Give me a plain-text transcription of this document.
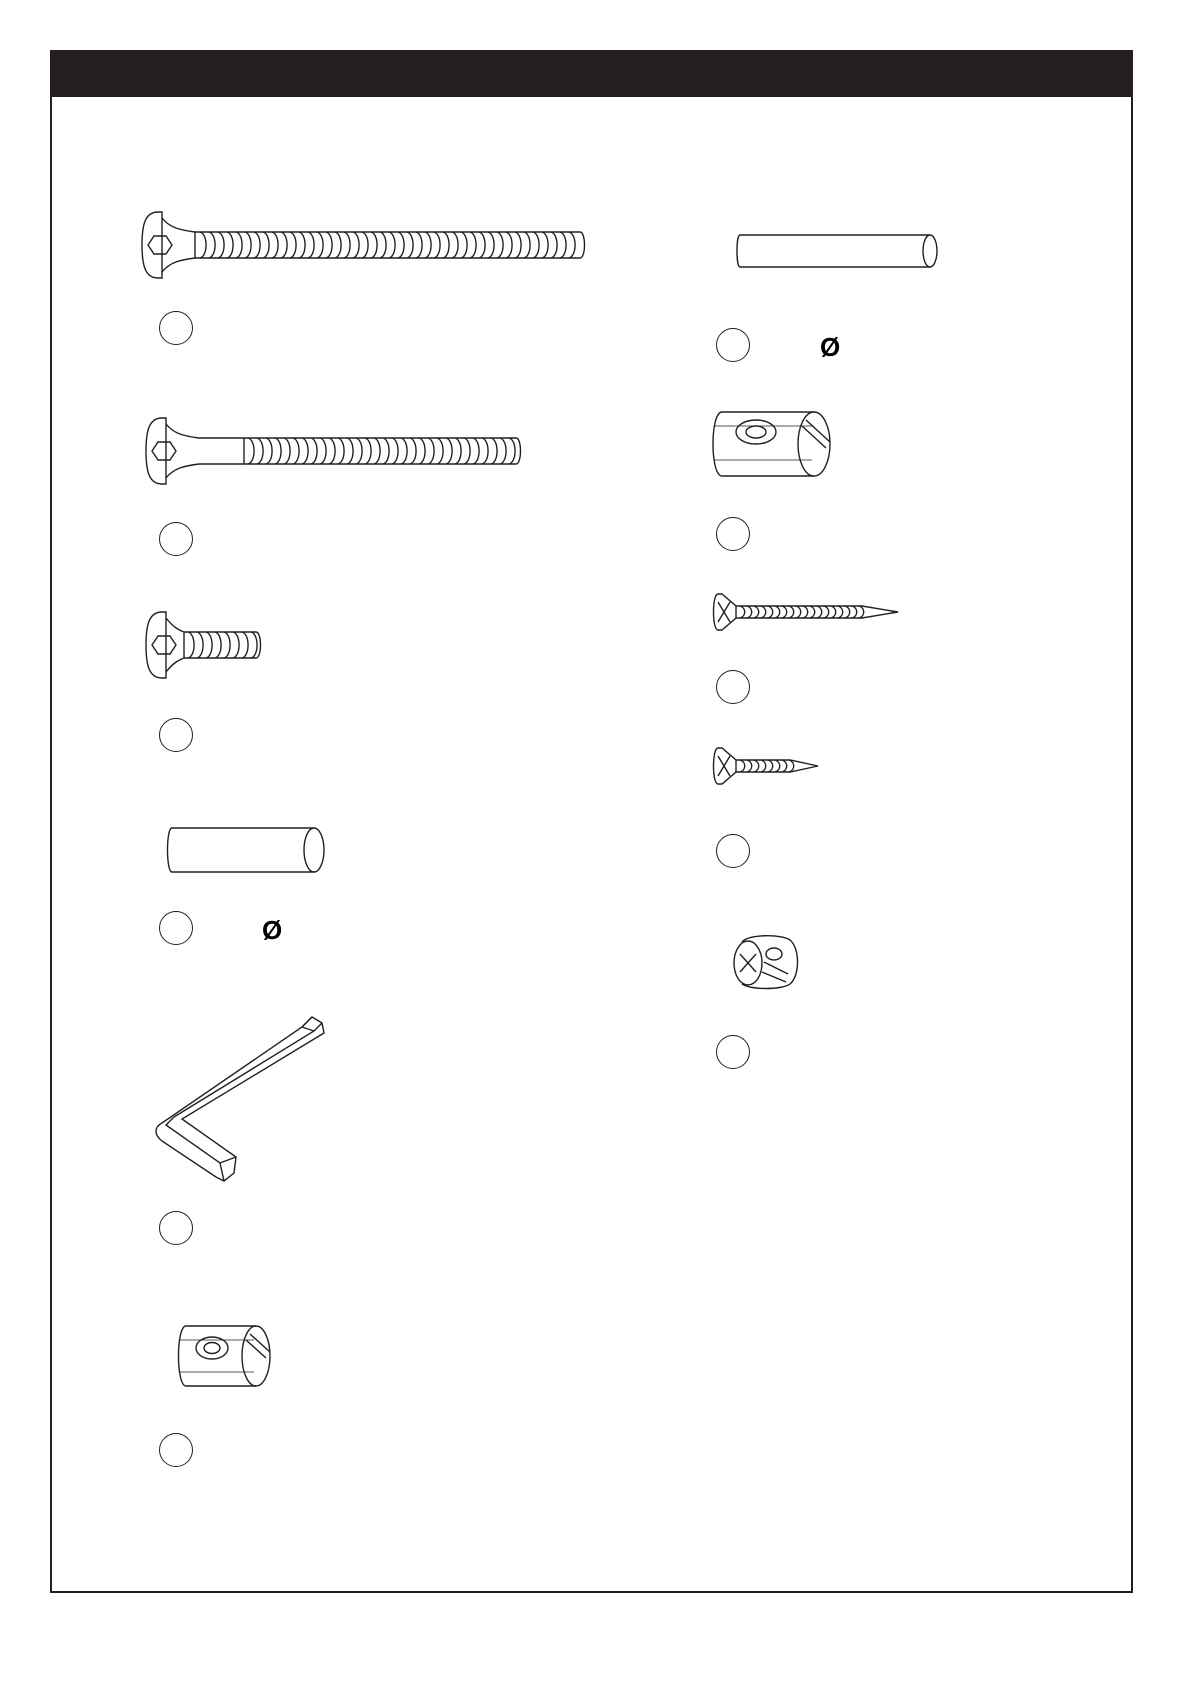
Ø
Ø
